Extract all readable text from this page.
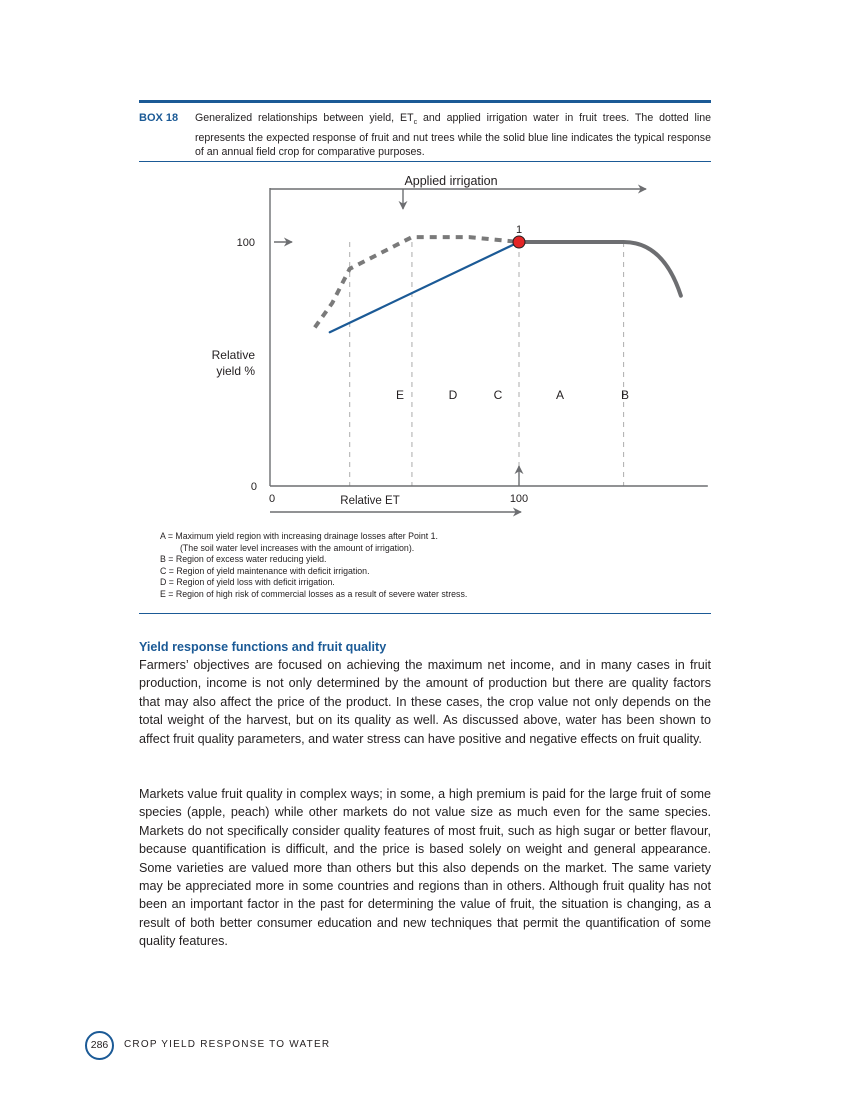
BOX 18 Generalized relationships between yield, $ET_c$ and applied irrigation water in fruit trees. The dotted line represents the expected response of fruit and nut trees while the solid blue line indicates the typical response of an annual field crop for comparative purposes.
Applied irrigation
100
0
0	100
Relative ET
Relative
yield %
E	D	C	A	B
1
A = Maximum yield region with increasing drainage losses after Point 1.
(The soil water level increases with the amount of irrigation).
B = Region of excess water reducing yield.
C = Region of yield maintenance with deficit irrigation.
D = Region of yield loss with deficit irrigation.
E = Region of high risk of commercial losses as a result of severe water stress.
Yield response functions and fruit quality

Farmers’ objectives are focused on achieving the maximum net income, and in many cases in fruit production, income is not only determined by the amount of production but there are quality factors that may also affect the price of the product. In these cases, the crop value not only depends on the total weight of the harvest, but on its quality as well. As discussed above, water has been shown to affect fruit quality parameters, and water stress can have positive and negative effects on fruit quality.

Markets value fruit quality in complex ways; in some, a high premium is paid for the large fruit of some species (apple, peach) while other markets do not value size as much even for the same species. Markets do not specifically consider quality features of most fruit, such as high sugar or better flavour, because quantification is difficult, and the price is based solely on weight and general appearance. Some varieties are valued more than others but this also depends on the market. The same variety may be appreciated more in some countries and regions than in others. Although fruit quality has not been an important factor in the past for determining the value of fruit, the situation is changing, as a result of both better consumer education and new techniques that permit the quantification of some quality features.

286	CROP YIELD RESPONSE TO WATER
